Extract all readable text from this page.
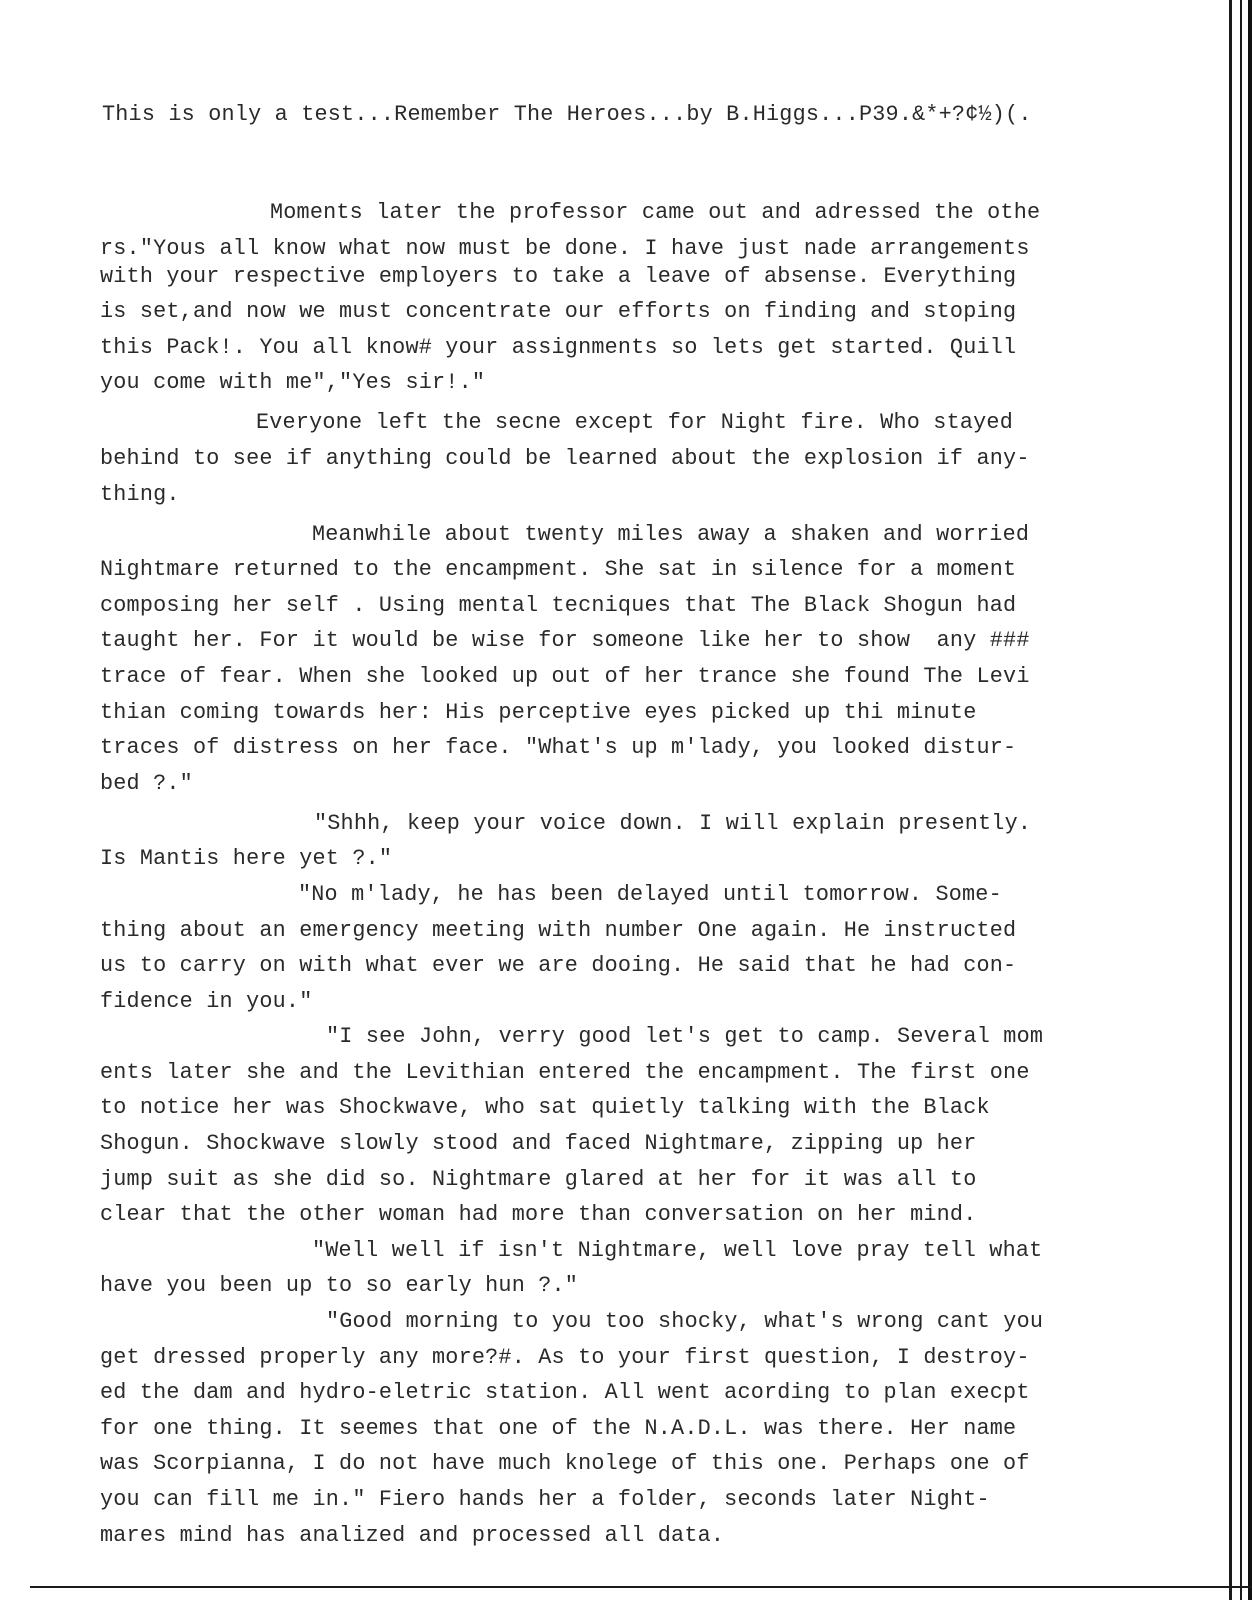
This is only a test...Remember The Heroes...by B.Higgs...P39.&*+?¢½)(.
Moments later the professor came out and adressed the othe
rs."Yous all know what now must be done. I have just nade arrangements
with your respective employers to take a leave of absense. Everything
is set,and now we must concentrate our efforts on finding and stoping
this Pack!. You all know# your assignments so lets get started. Quill
you come with me","Yes sir!."
Everyone left the secne except for Night fire. Who stayed
behind to see if anything could be learned about the explosion if any-
thing.
Meanwhile about twenty miles away a shaken and worried
Nightmare returned to the encampment. She sat in silence for a moment
composing her self . Using mental tecniques that The Black Shogun had
taught her. For it would be wise for someone like her to show  any ###
trace of fear. When she looked up out of her trance she found The Levi
thian coming towards her: His perceptive eyes picked up thi minute
traces of distress on her face. "What's up m'lady, you looked distur-
bed ?."
"Shhh, keep your voice down. I will explain presently.
Is Mantis here yet ?."
"No m'lady, he has been delayed until tomorrow. Some-
thing about an emergency meeting with number One again. He instructed
us to carry on with what ever we are dooing. He said that he had con-
fidence in you."
"I see John, verry good let's get to camp. Several mom
ents later she and the Levithian entered the encampment. The first one
to notice her was Shockwave, who sat quietly talking with the Black
Shogun. Shockwave slowly stood and faced Nightmare, zipping up her
jump suit as she did so. Nightmare glared at her for it was all to
clear that the other woman had more than conversation on her mind.
"Well well if isn't Nightmare, well love pray tell what
have you been up to so early hun ?."
"Good morning to you too shocky, what's wrong cant you
get dressed properly any more?#. As to your first question, I destroy-
ed the dam and hydro-eletric station. All went acording to plan execpt
for one thing. It seemes that one of the N.A.D.L. was there. Her name
was Scorpianna, I do not have much knolege of this one. Perhaps one of
you can fill me in." Fiero hands her a folder, seconds later Night-
mares mind has analized and processed all data.
